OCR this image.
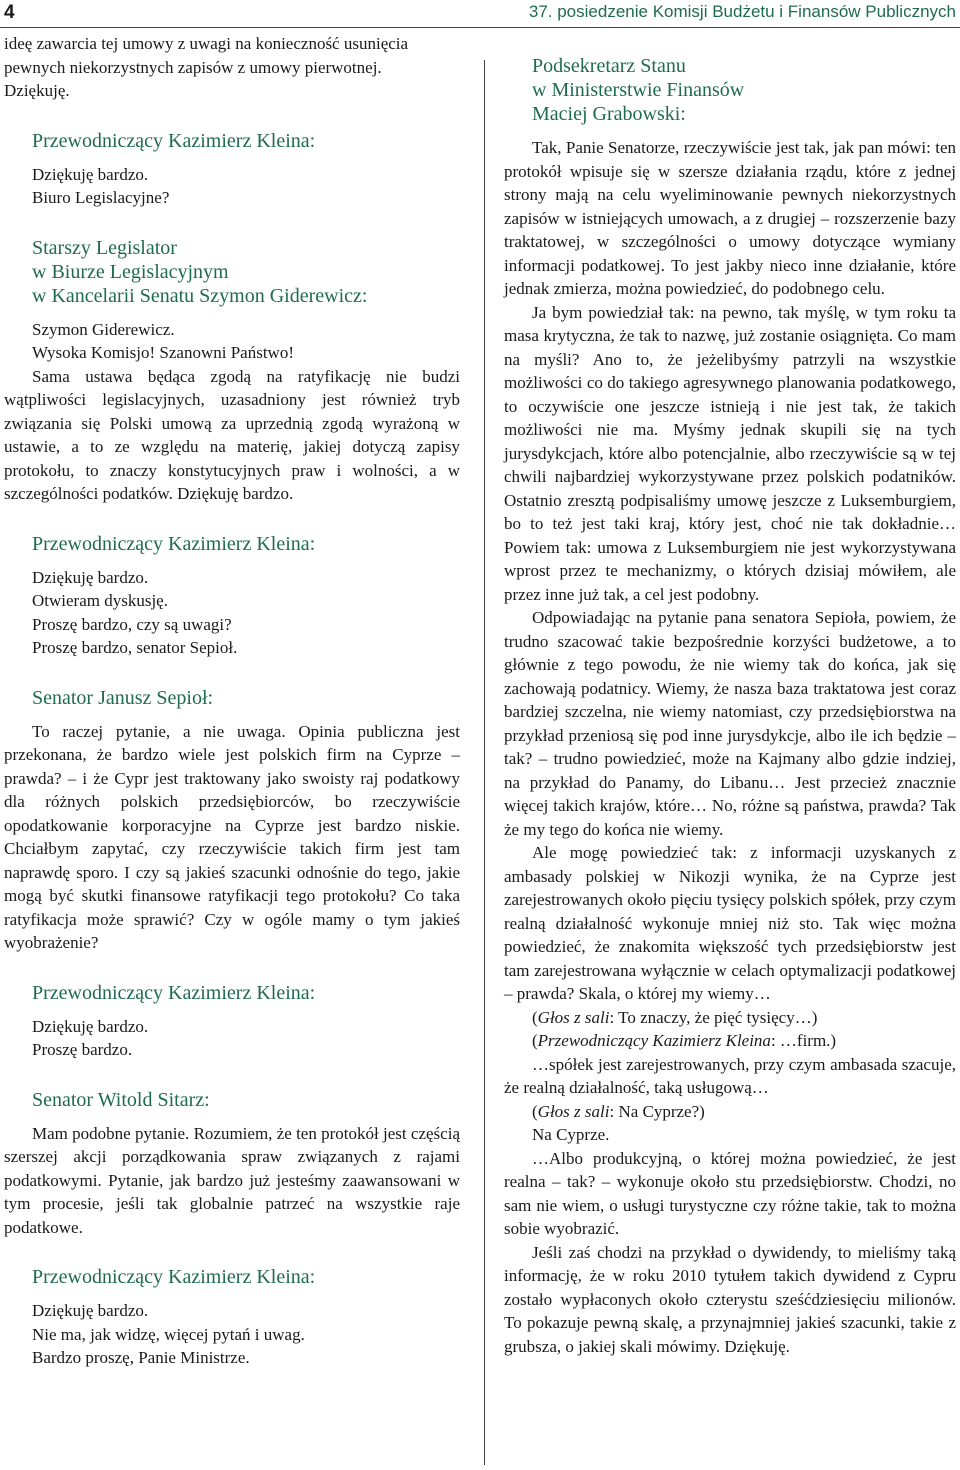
4	37. posiedzenie Komisji Budżetu i Finansów Publicznych

ideę zawarcia tej umowy z uwagi na konieczność usunięcia pewnych niekorzystnych zapisów z umowy pierwotnej.

Dziękuję.

Przewodniczący Kazimierz Kleina:

Dziękuję bardzo.

Biuro Legislacyjne?

Starszy Legislator
w Biurze Legislacyjnym
w Kancelarii Senatu Szymon Giderewicz:

Szymon Giderewicz.

Wysoka Komisjo! Szanowni Państwo!

Sama ustawa będąca zgodą na ratyfikację nie budzi wątpliwości legislacyjnych, uzasadniony jest również tryb związania się Polski umową za uprzednią zgodą wyrażoną w ustawie, a to ze względu na materię, jakiej dotyczą zapisy protokołu, to znaczy konstytucyjnych praw i wolności, a w szczególności podatków. Dziękuję bardzo.

Przewodniczący Kazimierz Kleina:

Dziękuję bardzo.

Otwieram dyskusję.

Proszę bardzo, czy są uwagi?

Proszę bardzo, senator Sepioł.

Senator Janusz Sepioł:

To raczej pytanie, a nie uwaga. Opinia publiczna jest przekonana, że bardzo wiele jest polskich firm na Cyprze – prawda? – i że Cypr jest traktowany jako swoisty raj podatkowy dla różnych polskich przedsiębiorców, bo rzeczywiście opodatkowanie korporacyjne na Cyprze jest bardzo niskie. Chciałbym zapytać, czy rzeczywiście takich firm jest tam naprawdę sporo. I czy są jakieś szacunki odnośnie do tego, jakie mogą być skutki finansowe ratyfikacji tego protokołu? Co taka ratyfikacja może sprawić? Czy w ogóle mamy o tym jakieś wyobrażenie?

Przewodniczący Kazimierz Kleina:

Dziękuję bardzo.

Proszę bardzo.

Senator Witold Sitarz:

Mam podobne pytanie. Rozumiem, że ten protokół jest częścią szerszej akcji porządkowania spraw związanych z rajami podatkowymi. Pytanie, jak bardzo już jesteśmy zaawansowani w tym procesie, jeśli tak globalnie patrzeć na wszystkie raje podatkowe.

Przewodniczący Kazimierz Kleina:

Dziękuję bardzo.

Nie ma, jak widzę, więcej pytań i uwag.

Bardzo proszę, Panie Ministrze.

Podsekretarz Stanu
w Ministerstwie Finansów
Maciej Grabowski:

Tak, Panie Senatorze, rzeczywiście jest tak, jak pan mówi: ten protokół wpisuje się w szersze działania rządu, które z jednej strony mają na celu wyeliminowanie pewnych niekorzystnych zapisów w istniejących umowach, a z drugiej – rozszerzenie bazy traktatowej, w szczególności o umowy dotyczące wymiany informacji podatkowej. To jest jakby nieco inne działanie, które jednak zmierza, można powiedzieć, do podobnego celu.

Ja bym powiedział tak: na pewno, tak myślę, w tym roku ta masa krytyczna, że tak to nazwę, już zostanie osiągnięta. Co mam na myśli? Ano to, że jeżelibyśmy patrzyli na wszystkie możliwości co do takiego agresywnego planowania podatkowego, to oczywiście one jeszcze istnieją i nie jest tak, że takich możliwości nie ma. Myśmy jednak skupili się na tych jurysdykcjach, które albo potencjalnie, albo rzeczywiście są w tej chwili najbardziej wykorzystywane przez polskich podatników. Ostatnio zresztą podpisaliśmy umowę jeszcze z Luksemburgiem, bo to też jest taki kraj, który jest, choć nie tak dokładnie… Powiem tak: umowa z Luksemburgiem nie jest wykorzystywana wprost przez te mechanizmy, o których dzisiaj mówiłem, ale przez inne już tak, a cel jest podobny.

Odpowiadając na pytanie pana senatora Sepioła, powiem, że trudno szacować takie bezpośrednie korzyści budżetowe, a to głównie z tego powodu, że nie wiemy tak do końca, jak się zachowają podatnicy. Wiemy, że nasza baza traktatowa jest coraz bardziej szczelna, nie wiemy natomiast, czy przedsiębiorstwa na przykład przeniosą się pod inne jurysdykcje, albo ile ich będzie – tak? – trudno powiedzieć, może na Kajmany albo gdzie indziej, na przykład do Panamy, do Libanu… Jest przecież znacznie więcej takich krajów, które… No, różne są państwa, prawda? Tak że my tego do końca nie wiemy.

Ale mogę powiedzieć tak: z informacji uzyskanych z ambasady polskiej w Nikozji wynika, że na Cyprze jest zarejestrowanych około pięciu tysięcy polskich spółek, przy czym realną działalność wykonuje mniej niż sto. Tak więc można powiedzieć, że znakomita większość tych przedsiębiorstw jest tam zarejestrowana wyłącznie w celach optymalizacji podatkowej – prawda? Skala, o której my wiemy…

(Głos z sali: To znaczy, że pięć tysięcy…)

(Przewodniczący Kazimierz Kleina: …firm.)

…spółek jest zarejestrowanych, przy czym ambasada szacuje, że realną działalność, taką usługową…

(Głos z sali: Na Cyprze?)

Na Cyprze.

…Albo produkcyjną, o której można powiedzieć, że jest realna – tak? – wykonuje około stu przedsiębiorstw. Chodzi, no sam nie wiem, o usługi turystyczne czy różne takie, tak to można sobie wyobrazić.

Jeśli zaś chodzi na przykład o dywidendy, to mieliśmy taką informację, że w roku 2010 tytułem takich dywidend z Cypru zostało wypłaconych około czterystu sześćdziesięciu milionów. To pokazuje pewną skalę, a przynajmniej jakieś szacunki, takie z grubsza, o jakiej skali mówimy. Dziękuję.
